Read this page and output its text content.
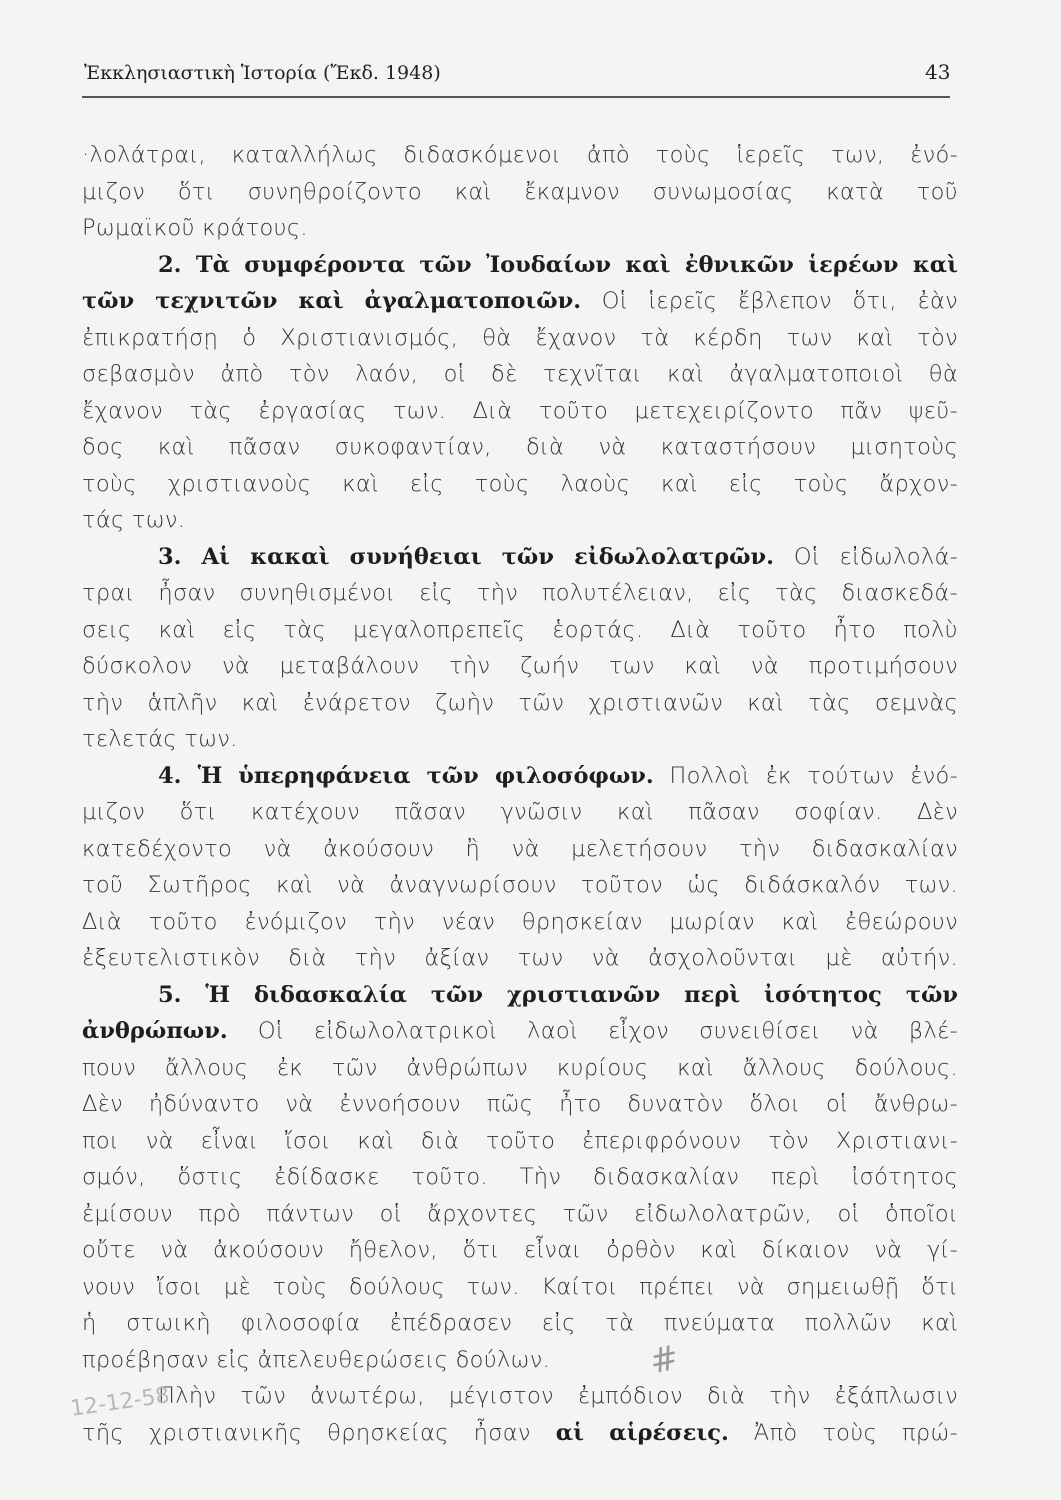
Ἐκκλησιαστικὴ Ἱστορία (Ἔκδ. 1948)	43
·λολάτραι, καταλλήλως διδασκόμενοι ἀπὸ τοὺς ἱερεῖς των, ἐνό-
μιζον ὅτι συνηθροίζοντο καὶ ἔκαμνον συνωμοσίας κατὰ τοῦ
Ρωμαϊκοῦ κράτους.
2. Τὰ συμφέροντα τῶν Ἰουδαίων καὶ ἐθνικῶν ἱερέων καὶ
τῶν τεχνιτῶν καὶ ἀγαλματοποιῶν. Οἱ ἱερεῖς ἔβλεπον ὅτι, ἐὰν
ἐπικρατήσῃ ὁ Χριστιανισμός, θὰ ἔχανον τὰ κέρδη των καὶ τὸν
σεβασμὸν ἀπὸ τὸν λαόν, οἱ δὲ τεχνῖται καὶ ἀγαλματοποιοὶ θὰ
ἔχανον τὰς ἐργασίας των. Διὰ τοῦτο μετεχειρίζοντο πᾶν ψεῦ-
δος καὶ πᾶσαν συκοφαντίαν, διὰ νὰ καταστήσουν μισητοὺς
τοὺς χριστιανοὺς καὶ εἰς τοὺς λαοὺς καὶ εἰς τοὺς ἄρχον-
τάς των.
3. Αἱ κακαὶ συνήθειαι τῶν εἰδωλολατρῶν. Οἱ εἰδωλολά-
τραι ἦσαν συνηθισμένοι εἰς τὴν πολυτέλειαν, εἰς τὰς διασκεδά-
σεις καὶ εἰς τὰς μεγαλοπρεπεῖς ἑορτάς. Διὰ τοῦτο ἦτο πολὺ
δύσκολον νὰ μεταβάλουν τὴν ζωήν των καὶ νὰ προτιμήσουν
τὴν ἁπλῆν καὶ ἐνάρετον ζωὴν τῶν χριστιανῶν καὶ τὰς σεμνὰς
τελετάς των.
4. Ἡ ὑπερηφάνεια τῶν φιλοσόφων. Πολλοὶ ἐκ τούτων ἐνό-
μιζον ὅτι κατέχουν πᾶσαν γνῶσιν καὶ πᾶσαν σοφίαν. Δὲν
κατεδέχοντο νὰ ἀκούσουν ἢ νὰ μελετήσουν τὴν διδασκαλίαν
τοῦ Σωτῆρος καὶ νὰ ἀναγνωρίσουν τοῦτον ὡς διδάσκαλόν των.
Διὰ τοῦτο ἐνόμιζον τὴν νέαν θρησκείαν μωρίαν καὶ ἐθεώρουν
ἐξευτελιστικὸν διὰ τὴν ἀξίαν των νὰ ἀσχολοῦνται μὲ αὐτήν.
5. Ἡ διδασκαλία τῶν χριστιανῶν περὶ ἰσότητος τῶν
ἀνθρώπων. Οἱ εἰδωλολατρικοὶ λαοὶ εἶχον συνειθίσει νὰ βλέ-
πουν ἄλλους ἐκ τῶν ἀνθρώπων κυρίους καὶ ἄλλους δούλους.
Δὲν ἠδύναντο νὰ ἐννοήσουν πῶς ἦτο δυνατὸν ὅλοι οἱ ἄνθρω-
ποι νὰ εἶναι ἴσοι καὶ διὰ τοῦτο ἐπεριφρόνουν τὸν Χριστιανι-
σμόν, ὅστις ἐδίδασκε τοῦτο. Τὴν διδασκαλίαν περὶ ἰσότητος
ἐμίσουν πρὸ πάντων οἱ ἄρχοντες τῶν εἰδωλολατρῶν, οἱ ὁποῖοι
οὔτε νὰ ἀκούσουν ἤθελον, ὅτι εἶναι ὀρθὸν καὶ δίκαιον νὰ γί-
νουν ἴσοι μὲ τοὺς δούλους των. Καίτοι πρέπει νὰ σημειωθῇ ὅτι
ἡ στωικὴ φιλοσοφία ἐπέδρασεν εἰς τὰ πνεύματα πολλῶν καὶ
προέβησαν εἰς ἀπελευθερώσεις δούλων.
Πλὴν τῶν ἀνωτέρω, μέγιστον ἐμπόδιον διὰ τὴν ἐξάπλωσιν
τῆς χριστιανικῆς θρησκείας ἦσαν αἱ αἱρέσεις. Ἀπὸ τοὺς πρώ-
12-12-58
#
